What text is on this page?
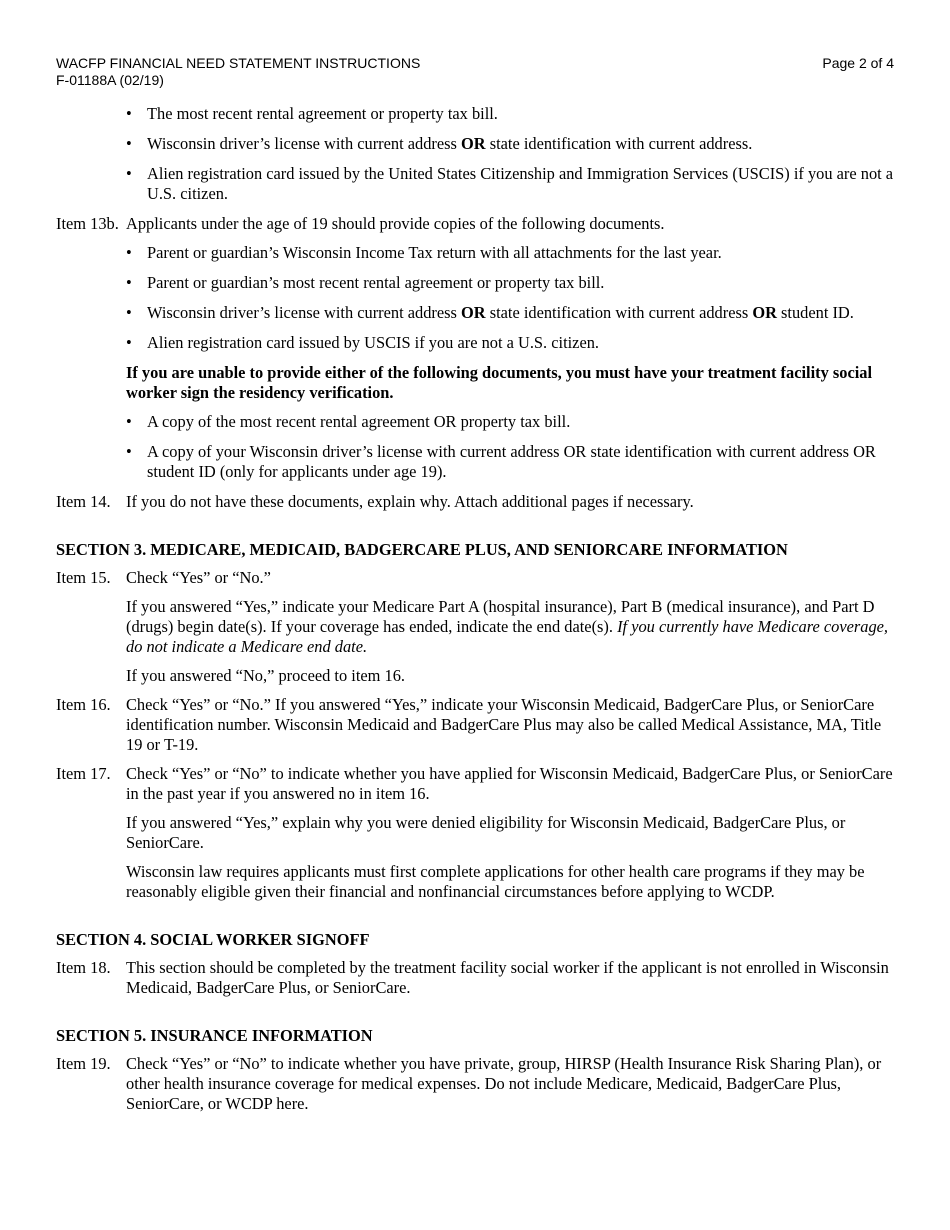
WACFP FINANCIAL NEED STATEMENT INSTRUCTIONS
F-01188A (02/19)
Page 2 of 4
• The most recent rental agreement or property tax bill.
• Wisconsin driver’s license with current address OR state identification with current address.
• Alien registration card issued by the United States Citizenship and Immigration Services (USCIS) if you are not a U.S. citizen.
Item 13b. Applicants under the age of 19 should provide copies of the following documents.
• Parent or guardian’s Wisconsin Income Tax return with all attachments for the last year.
• Parent or guardian’s most recent rental agreement or property tax bill.
• Wisconsin driver’s license with current address OR state identification with current address OR student ID.
• Alien registration card issued by USCIS if you are not a U.S. citizen.

If you are unable to provide either of the following documents, you must have your treatment facility social worker sign the residency verification.

• A copy of the most recent rental agreement OR property tax bill.
• A copy of your Wisconsin driver’s license with current address OR state identification with current address OR student ID (only for applicants under age 19).
Item 14. If you do not have these documents, explain why. Attach additional pages if necessary.

SECTION 3. MEDICARE, MEDICAID, BADGERCARE PLUS, AND SENIORCARE INFORMATION

Item 15. Check “Yes” or “No.”

If you answered “Yes,” indicate your Medicare Part A (hospital insurance), Part B (medical insurance), and Part D (drugs) begin date(s). If your coverage has ended, indicate the end date(s). If you currently have Medicare coverage, do not indicate a Medicare end date.

If you answered “No,” proceed to item 16.

Item 16. Check “Yes” or “No.” If you answered “Yes,” indicate your Wisconsin Medicaid, BadgerCare Plus, or SeniorCare identification number. Wisconsin Medicaid and BadgerCare Plus may also be called Medical Assistance, MA, Title 19 or T-19.
Item 17. Check “Yes” or “No” to indicate whether you have applied for Wisconsin Medicaid, BadgerCare Plus, or SeniorCare in the past year if you answered no in item 16.

If you answered “Yes,” explain why you were denied eligibility for Wisconsin Medicaid, BadgerCare Plus, or SeniorCare.

Wisconsin law requires applicants must first complete applications for other health care programs if they may be reasonably eligible given their financial and nonfinancial circumstances before applying to WCDP.

SECTION 4. SOCIAL WORKER SIGNOFF

Item 18. This section should be completed by the treatment facility social worker if the applicant is not enrolled in Wisconsin Medicaid, BadgerCare Plus, or SeniorCare.

SECTION 5. INSURANCE INFORMATION

Item 19. Check “Yes” or “No” to indicate whether you have private, group, HIRSP (Health Insurance Risk Sharing Plan), or other health insurance coverage for medical expenses. Do not include Medicare, Medicaid, BadgerCare Plus, SeniorCare, or WCDP here.
